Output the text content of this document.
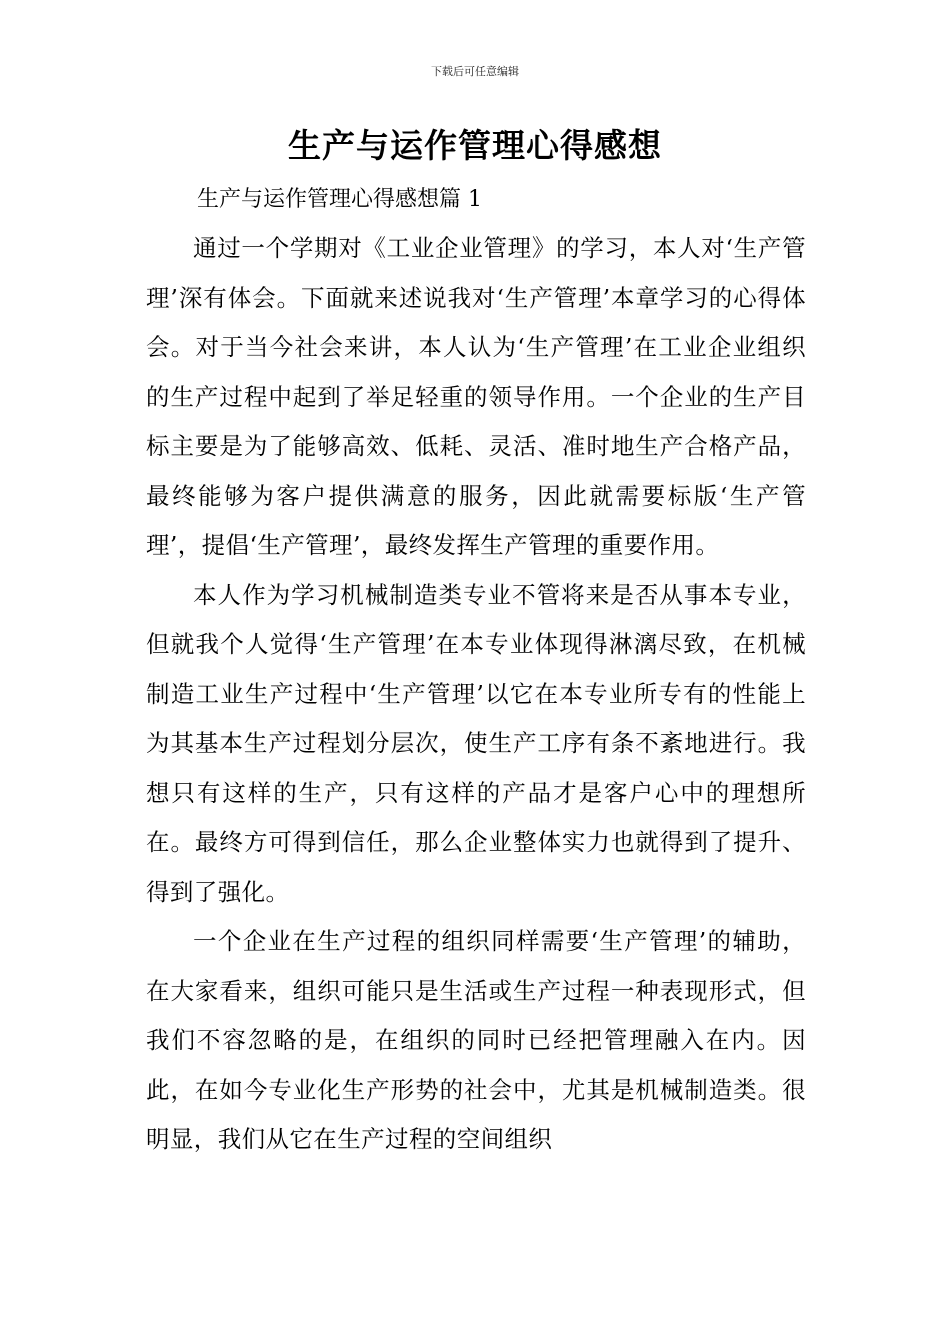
下载后可任意编辑
生产与运作管理心得感想
生产与运作管理心得感想篇 1

通过一个学期对《工业企业管理》的学习，本人对‘生产管理’深有体会。下面就来述说我对‘生产管理’本章学习的心得体会。对于当今社会来讲，本人认为‘生产管理’在工业企业组织的生产过程中起到了举足轻重的领导作用。一个企业的生产目标主要是为了能够高效、低耗、灵活、准时地生产合格产品，最终能够为客户提供满意的服务，因此就需要标版‘生产管理’，提倡‘生产管理’，最终发挥生产管理的重要作用。

本人作为学习机械制造类专业不管将来是否从事本专业，但就我个人觉得‘生产管理’在本专业体现得淋漓尽致，在机械制造工业生产过程中‘生产管理’以它在本专业所专有的性能上为其基本生产过程划分层次，使生产工序有条不紊地进行。我想只有这样的生产，只有这样的产品才是客户心中的理想所在。最终方可得到信任，那么企业整体实力也就得到了提升、得到了强化。

一个企业在生产过程的组织同样需要‘生产管理’的辅助，在大家看来，组织可能只是生活或生产过程一种表现形式，但我们不容忽略的是，在组织的同时已经把管理融入在内。因此，在如今专业化生产形势的社会中，尤其是机械制造类。很明显，我们从它在生产过程的空间组织
